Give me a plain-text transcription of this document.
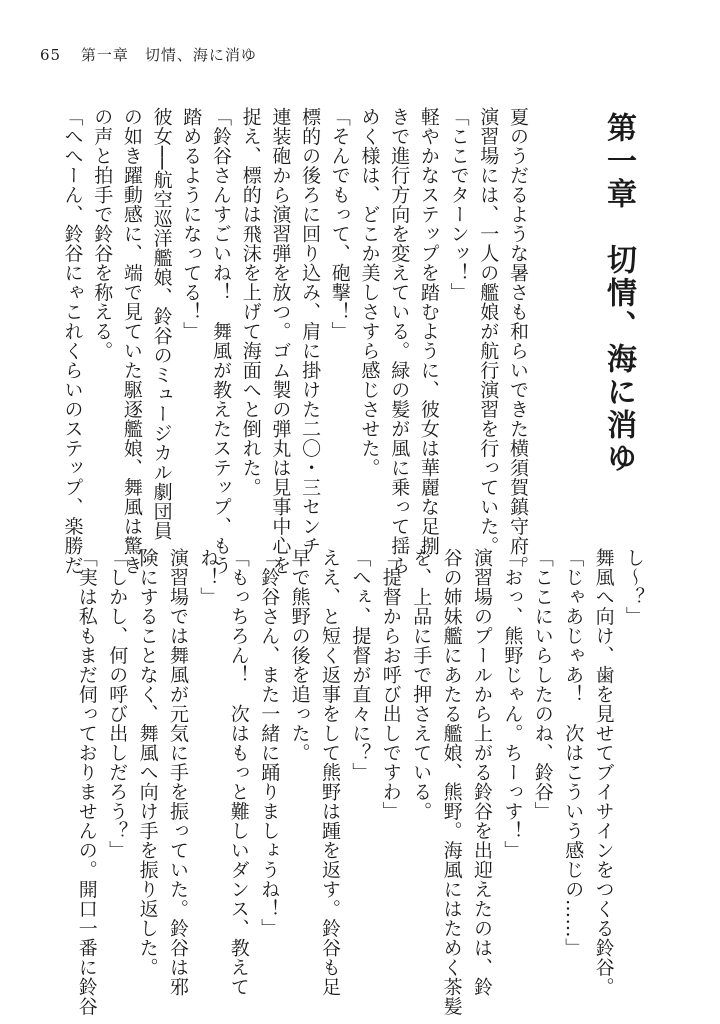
65 第一章　切情、海に消ゆ
第一章　切情、海に消ゆ
夏のうだるような暑さも和らいできた横須賀鎮守府。
演習場には、一人の艦娘が航行演習を行っていた。
「ここでターンッ！」
軽やかなステップを踏むように、彼女は華麗な足捌
きで進行方向を変えている。緑の髪が風に乗って揺ら
めく様は、どこか美しさすら感じさせた。
「そんでもって、砲撃！」
標的の後ろに回り込み、肩に掛けた二〇・三センチ
連装砲から演習弾を放つ。ゴム製の弾丸は見事中心を
捉え、標的は飛沫を上げて海面へと倒れた。
「鈴谷さんすごいね！　舞風が教えたステップ、もう
踏めるようになってる！」
彼女──航空巡洋艦娘、鈴谷のミュージカル劇団員
の如き躍動感に、端で見ていた駆逐艦娘、舞風は驚き
の声と拍手で鈴谷を称える。
「へへーん、鈴谷にゃこれくらいのステップ、楽勝だ
し～？」
舞風へ向け、歯を見せてブイサインをつくる鈴谷。
「じゃあじゃあ！　次はこういう感じの……」
「ここにいらしたのね、鈴谷」
「おっ、熊野じゃん。ちーっす！」
演習場のプールから上がる鈴谷を出迎えたのは、鈴
谷の姉妹艦にあたる艦娘、熊野。海風にはためく茶髪
を、上品に手で押さえている。
「提督からお呼び出しですわ」
「へぇ、提督が直々に？」
ええ、と短く返事をして熊野は踵を返す。鈴谷も足
早で熊野の後を追った。
「鈴谷さん、また一緒に踊りましょうね！」
「もっちろん！　次はもっと難しいダンス、教えて
ね！」
演習場では舞風が元気に手を振っていた。鈴谷は邪
険にすることなく、舞風へ向け手を振り返した。
「しかし、何の呼び出しだろう？」
「実は私もまだ伺っておりませんの。開口一番に鈴谷
